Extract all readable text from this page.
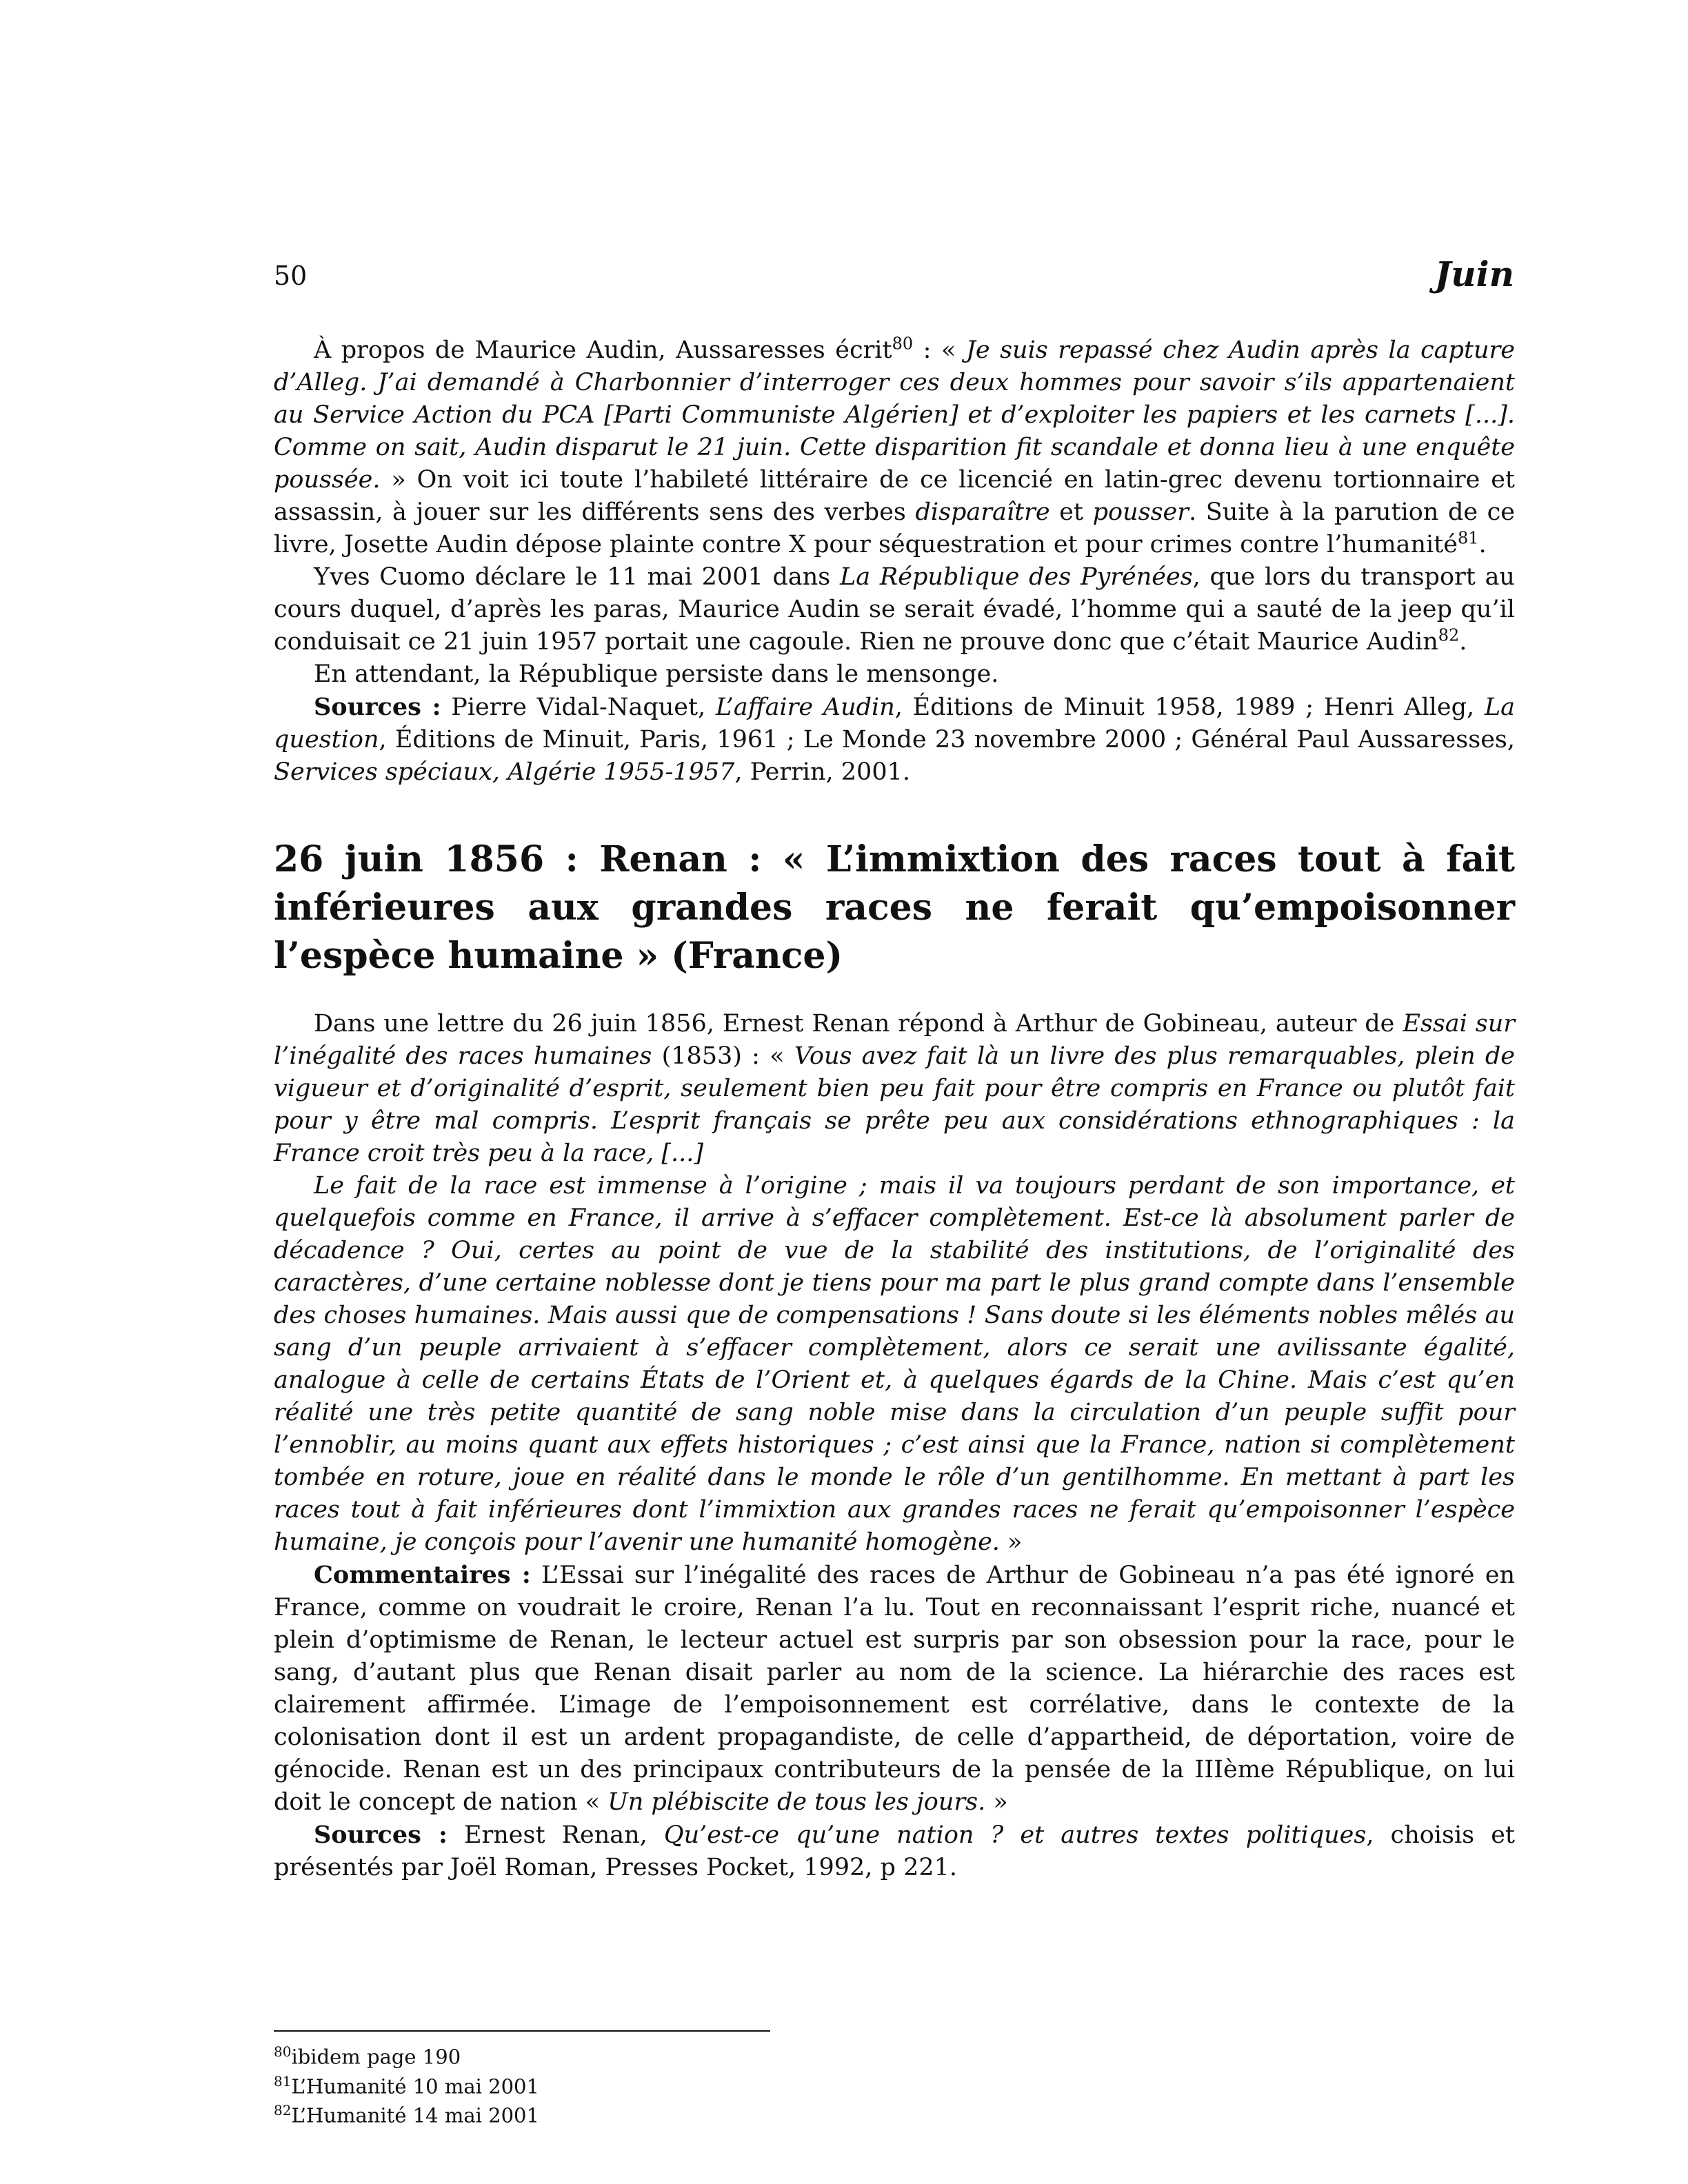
50	Juin

À propos de Maurice Audin, Aussaresses écrit$^{80}$ : « Je suis repassé chez Audin après la capture d’Alleg. J’ai demandé à Charbonnier d’interroger ces deux hommes pour savoir s’ils appartenaient au Service Action du PCA [Parti Communiste Algérien] et d’exploiter les papiers et les carnets [...]. Comme on sait, Audin disparut le 21 juin. Cette disparition fit scandale et donna lieu à une enquête poussée. » On voit ici toute l’habileté littéraire de ce licencié en latin-grec devenu tortionnaire et assassin, à jouer sur les différents sens des verbes disparaître et pousser. Suite à la parution de ce livre, Josette Audin dépose plainte contre X pour séquestration et pour crimes contre l’humanité$^{81}$.

Yves Cuomo déclare le 11 mai 2001 dans La République des Pyrénées, que lors du transport au cours duquel, d’après les paras, Maurice Audin se serait évadé, l’homme qui a sauté de la jeep qu’il conduisait ce 21 juin 1957 portait une cagoule. Rien ne prouve donc que c’était Maurice Audin$^{82}$.

En attendant, la République persiste dans le mensonge.

Sources : Pierre Vidal-Naquet, L’affaire Audin, Éditions de Minuit 1958, 1989 ; Henri Alleg, La question, Éditions de Minuit, Paris, 1961 ; Le Monde 23 novembre 2000 ; Général Paul Aussaresses, Services spéciaux, Algérie 1955-1957, Perrin, 2001.

26 juin 1856 : Renan : « L’immixtion des races tout à fait inférieures aux grandes races ne ferait qu’empoisonner l’espèce humaine » (France)

Dans une lettre du 26 juin 1856, Ernest Renan répond à Arthur de Gobineau, auteur de Essai sur l’inégalité des races humaines (1853) : « Vous avez fait là un livre des plus remarquables, plein de vigueur et d’originalité d’esprit, seulement bien peu fait pour être compris en France ou plutôt fait pour y être mal compris. L’esprit français se prête peu aux considérations ethnographiques : la France croit très peu à la race, [...]

Le fait de la race est immense à l’origine ; mais il va toujours perdant de son importance, et quelquefois comme en France, il arrive à s’effacer complètement. Est-ce là absolument parler de décadence ? Oui, certes au point de vue de la stabilité des institutions, de l’originalité des caractères, d’une certaine noblesse dont je tiens pour ma part le plus grand compte dans l’ensemble des choses humaines. Mais aussi que de compensations ! Sans doute si les éléments nobles mêlés au sang d’un peuple arrivaient à s’effacer complètement, alors ce serait une avilissante égalité, analogue à celle de certains États de l’Orient et, à quelques égards de la Chine. Mais c’est qu’en réalité une très petite quantité de sang noble mise dans la circulation d’un peuple suffit pour l’ennoblir, au moins quant aux effets historiques ; c’est ainsi que la France, nation si complètement tombée en roture, joue en réalité dans le monde le rôle d’un gentilhomme. En mettant à part les races tout à fait inférieures dont l’immixtion aux grandes races ne ferait qu’empoisonner l’espèce humaine, je conçois pour l’avenir une humanité homogène. »

Commentaires : L’Essai sur l’inégalité des races de Arthur de Gobineau n’a pas été ignoré en France, comme on voudrait le croire, Renan l’a lu. Tout en reconnaissant l’esprit riche, nuancé et plein d’optimisme de Renan, le lecteur actuel est surpris par son obsession pour la race, pour le sang, d’autant plus que Renan disait parler au nom de la science. La hiérarchie des races est clairement affirmée. L’image de l’empoisonnement est corrélative, dans le contexte de la colonisation dont il est un ardent propagandiste, de celle d’appartheid, de déportation, voire de génocide. Renan est un des principaux contributeurs de la pensée de la IIIème République, on lui doit le concept de nation « Un plébiscite de tous les jours. »

Sources : Ernest Renan, Qu’est-ce qu’une nation ? et autres textes politiques, choisis et présentés par Joël Roman, Presses Pocket, 1992, p 221.

$^{80}$ibidem page 190

$^{81}$L’Humanité 10 mai 2001

$^{82}$L’Humanité 14 mai 2001
